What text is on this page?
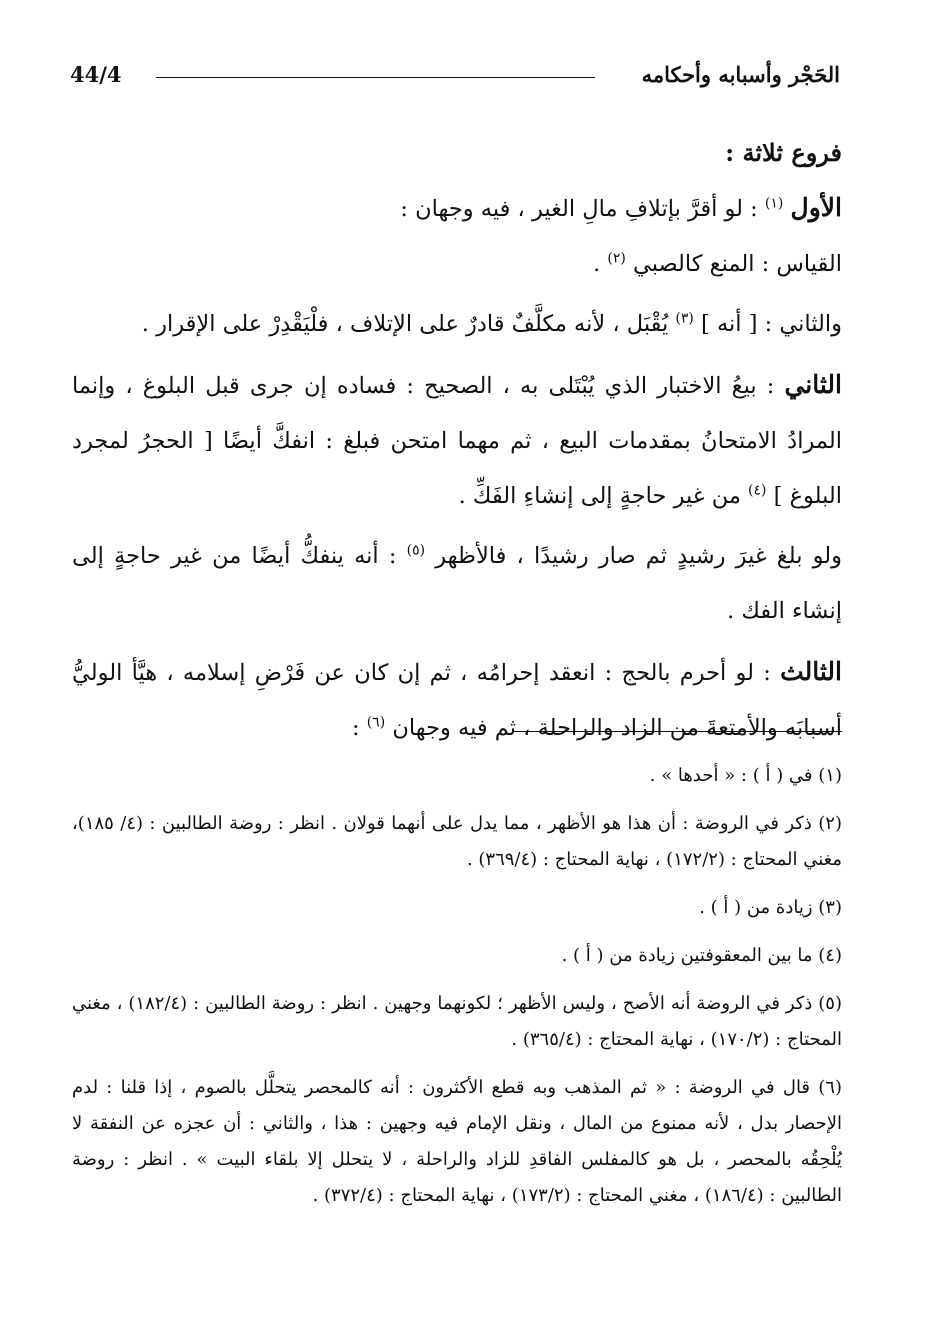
44/4	الحَجْر وأسبابه وأحكامه

فروع ثلاثة :

الأول $^{(١)}$ : لو أقرَّ بإتلافِ مالِ الغير ، فيه وجهان :

القياس : المنع كالصبي $^{(٢)}$ .

والثاني : [ أنه ] $^{(٣)}$ يُقْبَل ، لأنه مكلَّفٌ قادرٌ على الإتلاف ، فلْيَقْدِرْ على الإقرار .

الثاني : بيعُ الاختبار الذي يُبْتَلى به ، الصحيح : فساده إن جرى قبل البلوغ ، وإنما المرادُ الامتحانُ بمقدمات البيع ، ثم مهما امتحن فبلغ : انفكَّ أيضًا [ الحجرُ لمجرد البلوغ ] $^{(٤)}$ من غير حاجةٍ إلى إنشاءِ الفَكِّ .

ولو بلغ غيرَ رشيدٍ ثم صار رشيدًا ، فالأظهر $^{(٥)}$ : أنه ينفكُّ أيضًا من غير حاجةٍ إلى إنشاء الفك .

الثالث : لو أحرم بالحج : انعقد إحرامُه ، ثم إن كان عن فَرْضِ إسلامه ، هيَّأ الوليُّ أسبابَه والأمتعةَ من الزاد والراحلة ، ثم فيه وجهان $^{(٦)}$ :

(١) في ( أ ) : « أحدها » .

(٢) ذكر في الروضة : أن هذا هو الأظهر ، مما يدل على أنهما قولان . انظر : روضة الطالبين : (٤/ ١٨٥)، مغني المحتاج : (١٧٢/٢) ، نهاية المحتاج : (٣٦٩/٤) .

(٣) زيادة من ( أ ) .

(٤) ما بين المعقوفتين زيادة من ( أ ) .

(٥) ذكر في الروضة أنه الأصح ، وليس الأظهر ؛ لكونهما وجهين . انظر : روضة الطالبين : (١٨٢/٤) ، مغني المحتاج : (١٧٠/٢) ، نهاية المحتاج : (٣٦٥/٤) .

(٦) قال في الروضة : « ثم المذهب وبه قطع الأكثرون : أنه كالمحصر يتحلَّل بالصوم ، إذا قلنا : لدم الإحصار بدل ، لأنه ممنوع من المال ، ونقل الإمام فيه وجهين : هذا ، والثاني : أن عجزه عن النفقة لا يُلْحِقُه بالمحصر ، بل هو كالمفلس الفاقدِ للزاد والراحلة ، لا يتحلل إلا بلقاء البيت » . انظر : روضة الطالبين : (١٨٦/٤) ، مغني المحتاج : (١٧٣/٢) ، نهاية المحتاج : (٣٧٢/٤) .
